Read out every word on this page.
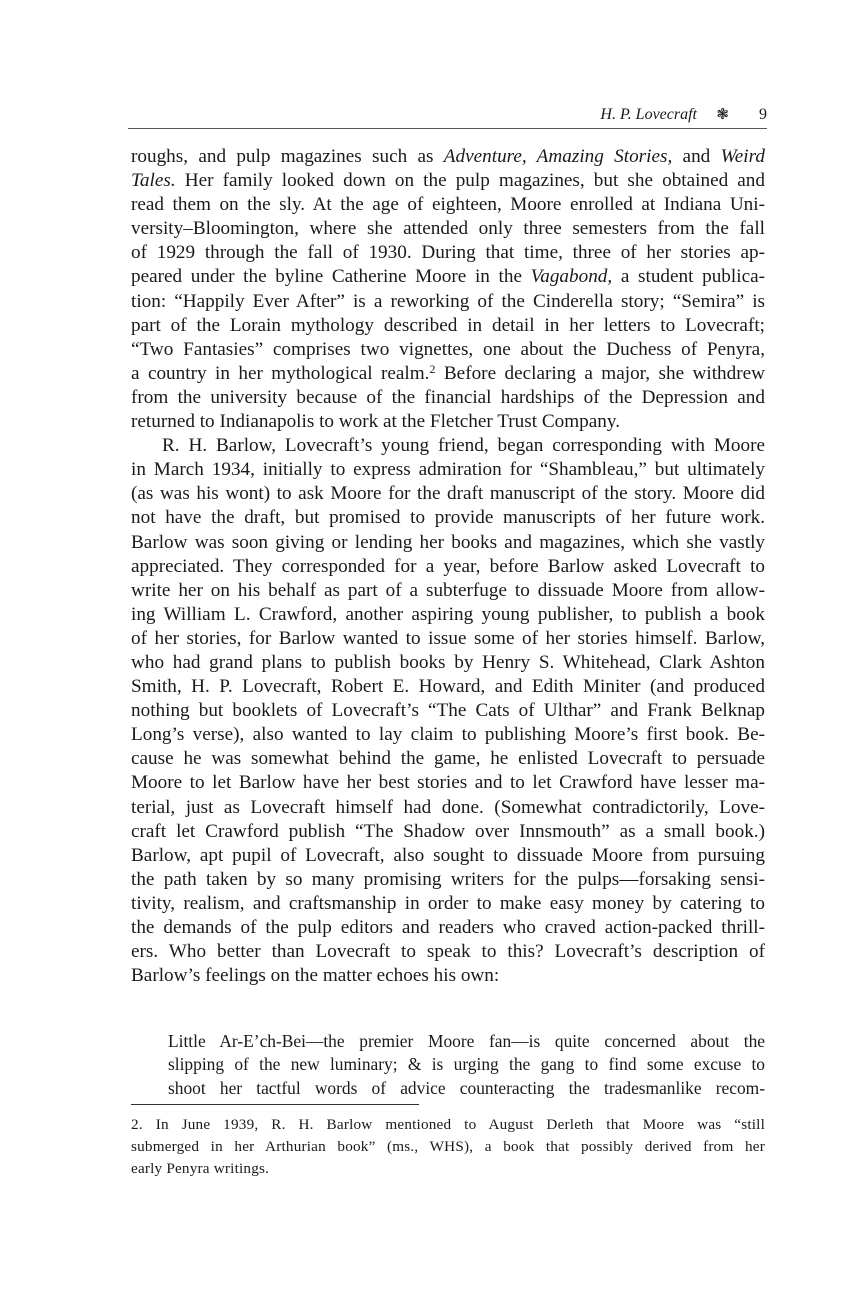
H. P. Lovecraft ❃ 9
roughs, and pulp magazines such as Adventure, Amazing Stories, and Weird
Tales. Her family looked down on the pulp magazines, but she obtained and
read them on the sly. At the age of eighteen, Moore enrolled at Indiana Uni-
versity–Bloomington, where she attended only three semesters from the fall
of 1929 through the fall of 1930. During that time, three of her stories ap-
peared under the byline Catherine Moore in the Vagabond, a student publica-
tion: “Happily Ever After” is a reworking of the Cinderella story; “Semira” is
part of the Lorain mythology described in detail in her letters to Lovecraft;
“Two Fantasies” comprises two vignettes, one about the Duchess of Penyra,
a country in her mythological realm.$^2$ Before declaring a major, she withdrew
from the university because of the financial hardships of the Depression and
returned to Indianapolis to work at the Fletcher Trust Company.
R. H. Barlow, Lovecraft’s young friend, began corresponding with Moore
in March 1934, initially to express admiration for “Shambleau,” but ultimately
(as was his wont) to ask Moore for the draft manuscript of the story. Moore did
not have the draft, but promised to provide manuscripts of her future work.
Barlow was soon giving or lending her books and magazines, which she vastly
appreciated. They corresponded for a year, before Barlow asked Lovecraft to
write her on his behalf as part of a subterfuge to dissuade Moore from allow-
ing William L. Crawford, another aspiring young publisher, to publish a book
of her stories, for Barlow wanted to issue some of her stories himself. Barlow,
who had grand plans to publish books by Henry S. Whitehead, Clark Ashton
Smith, H. P. Lovecraft, Robert E. Howard, and Edith Miniter (and produced
nothing but booklets of Lovecraft’s “The Cats of Ulthar” and Frank Belknap
Long’s verse), also wanted to lay claim to publishing Moore’s first book. Be-
cause he was somewhat behind the game, he enlisted Lovecraft to persuade
Moore to let Barlow have her best stories and to let Crawford have lesser ma-
terial, just as Lovecraft himself had done. (Somewhat contradictorily, Love-
craft let Crawford publish “The Shadow over Innsmouth” as a small book.)
Barlow, apt pupil of Lovecraft, also sought to dissuade Moore from pursuing
the path taken by so many promising writers for the pulps—forsaking sensi-
tivity, realism, and craftsmanship in order to make easy money by catering to
the demands of the pulp editors and readers who craved action-packed thrill-
ers. Who better than Lovecraft to speak to this? Lovecraft’s description of
Barlow’s feelings on the matter echoes his own:
Little Ar-E’ch-Bei—the premier Moore fan—is quite concerned about the
slipping of the new luminary; & is urging the gang to find some excuse to
shoot her tactful words of advice counteracting the tradesmanlike recom-
2. In June 1939, R. H. Barlow mentioned to August Derleth that Moore was “still
submerged in her Arthurian book” (ms., WHS), a book that possibly derived from her
early Penyra writings.
